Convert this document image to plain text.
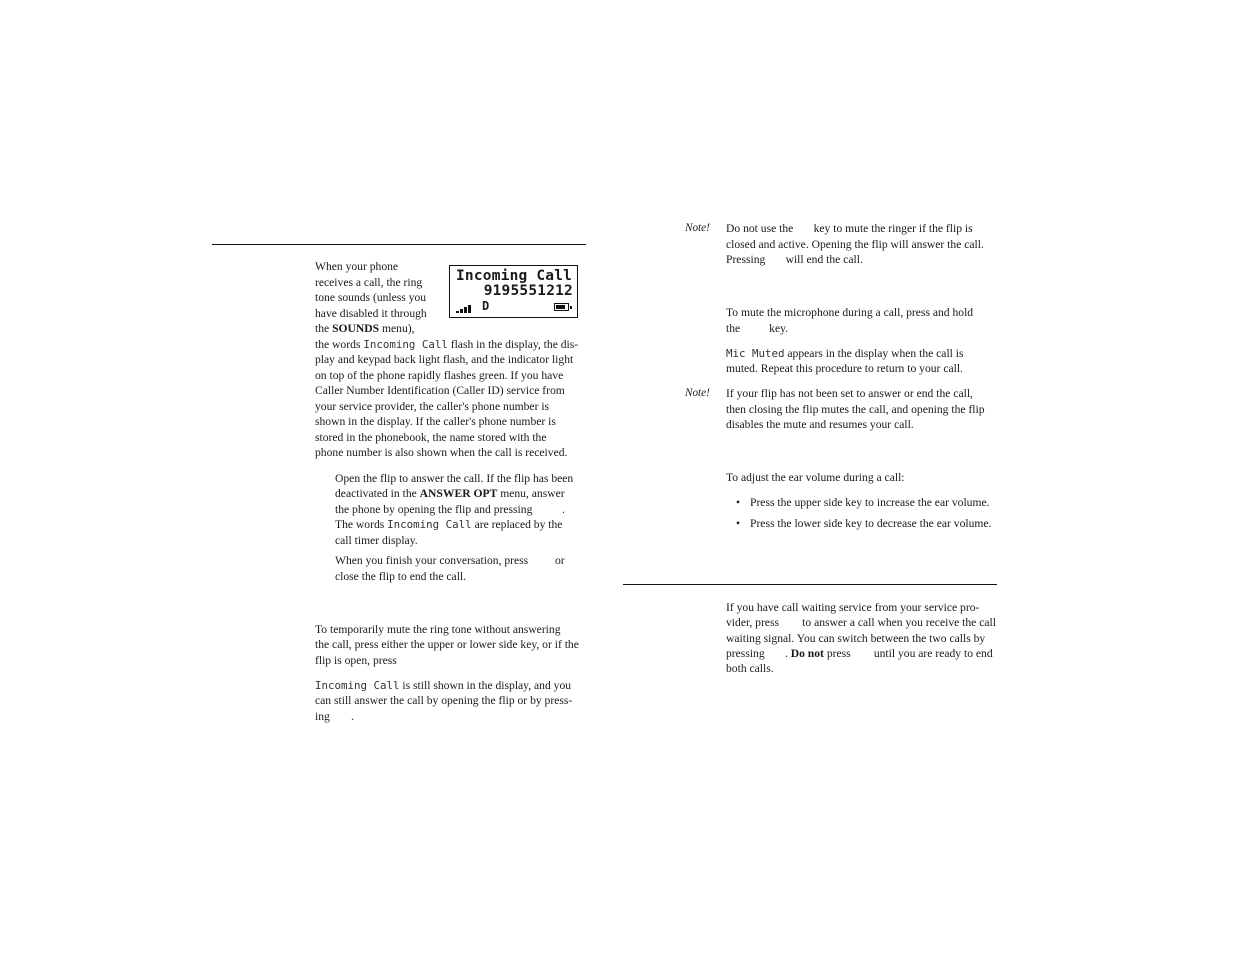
When your phone

receives a call, the ring

tone sounds (unless you

have disabled it through

the SOUNDS menu),

Incoming Call
9195551212
D

the words Incoming Call flash in the display, the dis-

play and keypad back light flash, and the indicator light

on top of the phone rapidly flashes green. If you have

Caller Number Identification (Caller ID) service from

your service provider, the caller's phone number is

shown in the display. If the caller's phone number is

stored in the phonebook, the name stored with the

phone number is also shown when the call is received.

Open the flip to answer the call. If the flip has been

deactivated in the ANSWER OPT menu, answer

the phone by opening the flip and pressing	.

The words Incoming Call are replaced by the

call timer display.

When you finish your conversation, press or

close the flip to end the call.

To temporarily mute the ring tone without answering

the call, press either the upper or lower side key, or if the

flip is open, press

Incoming Call is still shown in the display, and you

can still answer the call by opening the flip or by press-

ing .

Note! Do not use the       key to mute the ringer if the flip is

closed and active. Opening the flip will answer the call.

Pressing       will end the call.

To mute the microphone during a call, press and hold

the          key.

Mic Muted appears in the display when the call is

muted. Repeat this procedure to return to your call.

Note! If your flip has not been set to answer or end the call,

then closing the flip mutes the call, and opening the flip

disables the mute and resumes your call.

To adjust the ear volume during a call:

• Press the upper side key to increase the ear volume.

• Press the lower side key to decrease the ear volume.

If you have call waiting service from your service pro-

vider, press        to answer a call when you receive the call

waiting signal. You can switch between the two calls by

pressing       . Do not press        until you are ready to end

both calls.
